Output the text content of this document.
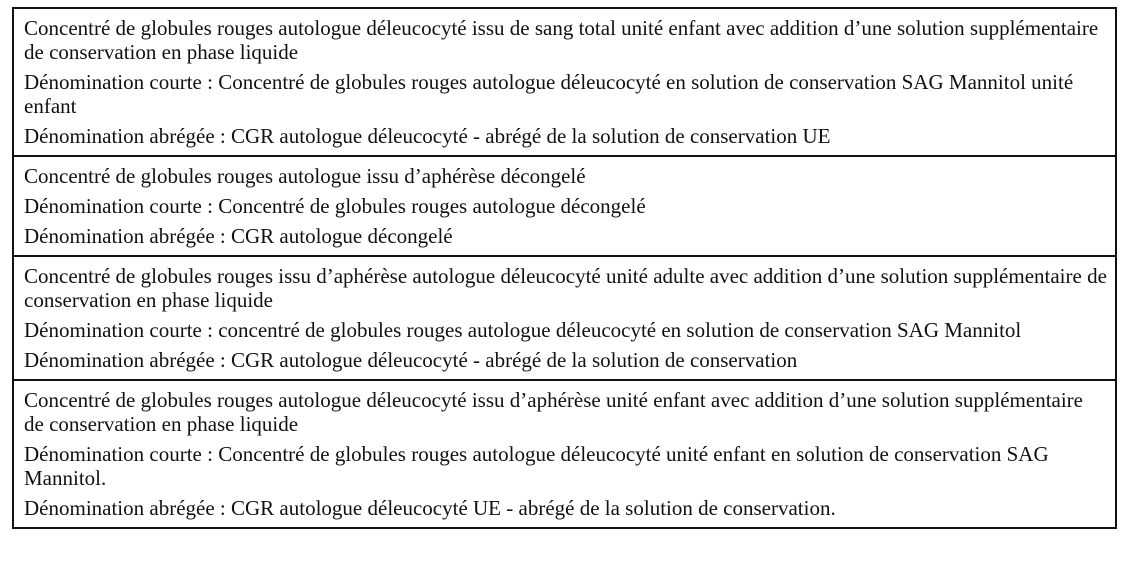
Concentré de globules rouges autologue déleucocyté issu de sang total unité enfant avec addition d’une solution supplémentaire de conservation en phase liquide
Dénomination courte : Concentré de globules rouges autologue déleucocyté en solution de conservation SAG Mannitol unité enfant
Dénomination abrégée : CGR autologue déleucocyté - abrégé de la solution de conservation UE
Concentré de globules rouges autologue issu d’aphérèse décongelé
Dénomination courte : Concentré de globules rouges autologue décongelé
Dénomination abrégée : CGR autologue décongelé
Concentré de globules rouges issu d’aphérèse autologue déleucocyté unité adulte avec addition d’une solution supplémentaire de conservation en phase liquide
Dénomination courte : concentré de globules rouges autologue déleucocyté en solution de conservation SAG Mannitol
Dénomination abrégée : CGR autologue déleucocyté - abrégé de la solution de conservation
Concentré de globules rouges autologue déleucocyté issu d’aphérèse unité enfant avec addition d’une solution supplémentaire de conservation en phase liquide
Dénomination courte : Concentré de globules rouges autologue déleucocyté unité enfant en solution de conservation SAG Mannitol.
Dénomination abrégée : CGR autologue déleucocyté UE - abrégé de la solution de conservation.
